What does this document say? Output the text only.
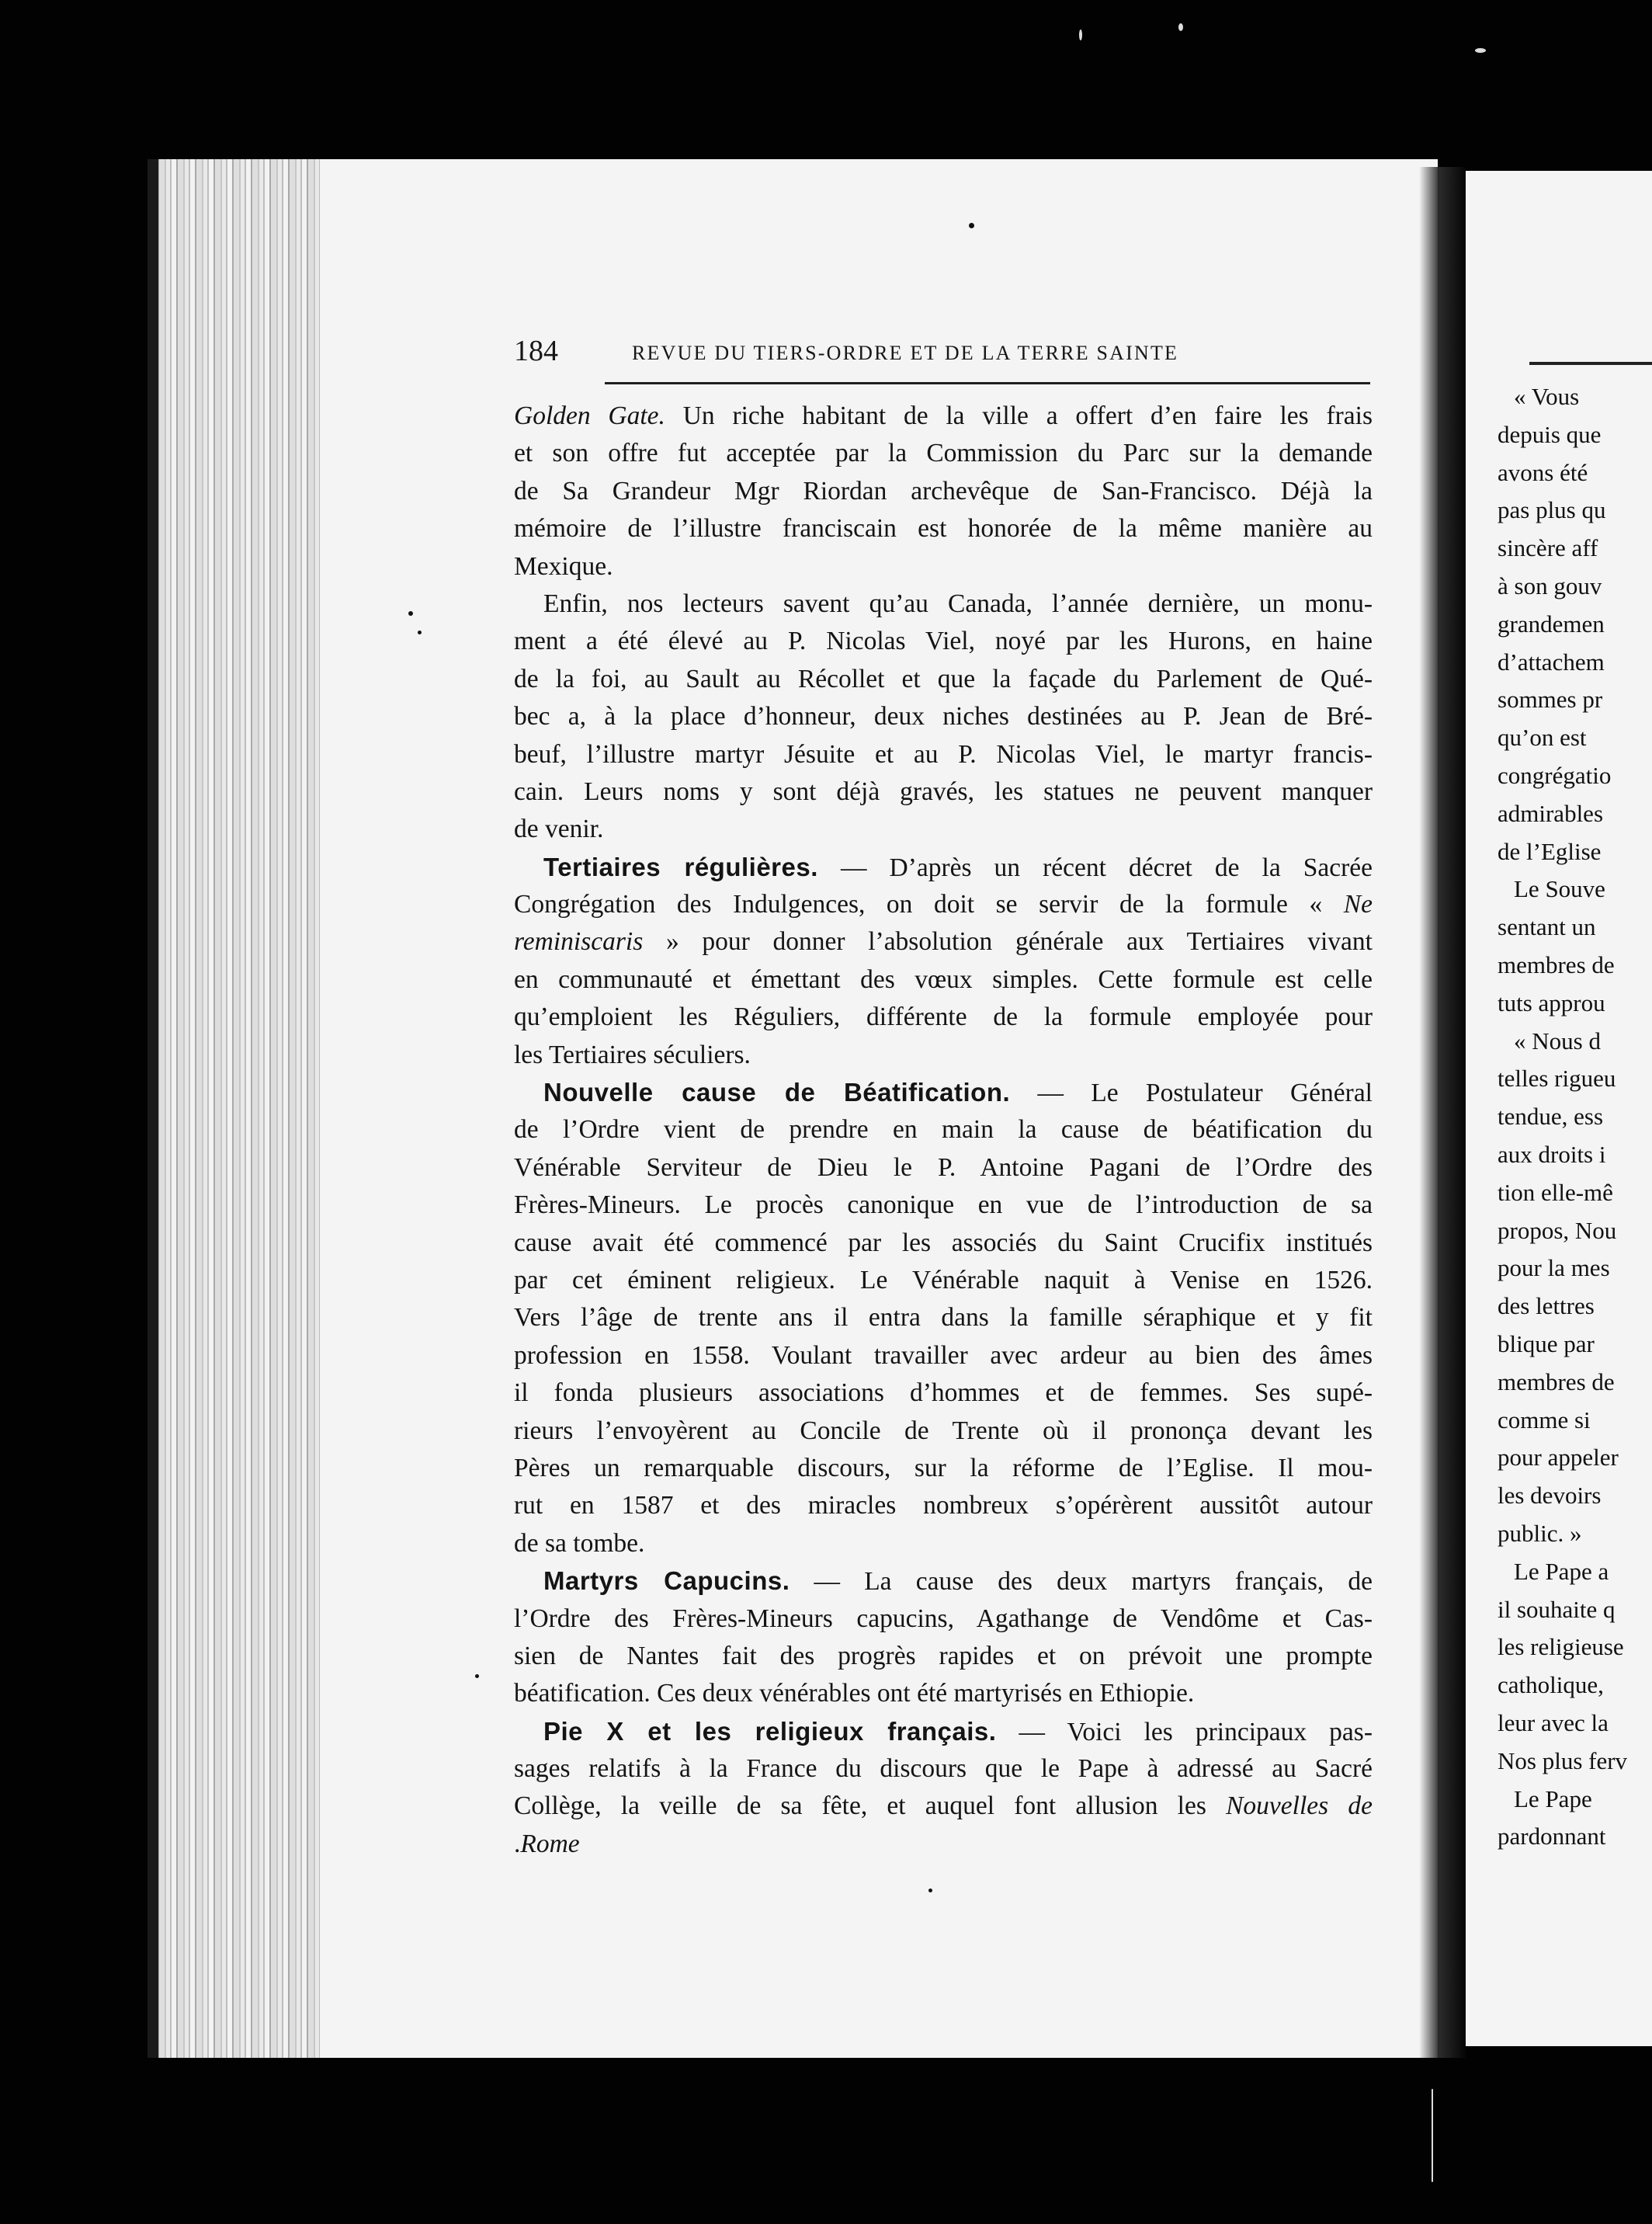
« Vous
depuis que
avons été
pas plus qu
sincère aff
à son gouv
grandemen
d’attachem
sommes pr
qu’on est
congrégatio
admirables
de l’Eglise
Le Souve
sentant un
membres de
tuts approu
« Nous d
telles rigueu
tendue, ess
aux droits i
tion elle-mê
propos, Nou
pour la mes
des lettres
blique par
membres de
comme si
pour appeler
les devoirs
public. »
Le Pape a
il souhaite q
les religieuse
catholique,
leur avec la
Nos plus ferv
Le Pape
pardonnant
184	REVUE DU TIERS-ORDRE ET DE LA TERRE SAINTE
Golden Gate. Un riche habitant de la ville a offert d’en faire les frais
et son offre fut acceptée par la Commission du Parc sur la demande
de Sa Grandeur Mgr Riordan archevêque de San-Francisco. Déjà la
mémoire de l’illustre franciscain est honorée de la même manière au
Mexique.
Enfin, nos lecteurs savent qu’au Canada, l’année dernière, un monu-
ment a été élevé au P. Nicolas Viel, noyé par les Hurons, en haine
de la foi, au Sault au Récollet et que la façade du Parlement de Qué-
bec a, à la place d’honneur, deux niches destinées au P. Jean de Bré-
beuf, l’illustre martyr Jésuite et au P. Nicolas Viel, le martyr francis-
cain. Leurs noms y sont déjà gravés, les statues ne peuvent manquer
de venir.
Tertiaires régulières. — D’après un récent décret de la Sacrée
Congrégation des Indulgences, on doit se servir de la formule « Ne
reminiscaris » pour donner l’absolution générale aux Tertiaires vivant
en communauté et émettant des vœux simples. Cette formule est celle
qu’emploient les Réguliers, différente de la formule employée pour
les Tertiaires séculiers.
Nouvelle cause de Béatification. — Le Postulateur Général
de l’Ordre vient de prendre en main la cause de béatification du
Vénérable Serviteur de Dieu le P. Antoine Pagani de l’Ordre des
Frères-Mineurs. Le procès canonique en vue de l’introduction de sa
cause avait été commencé par les associés du Saint Crucifix institués
par cet éminent religieux. Le Vénérable naquit à Venise en 1526.
Vers l’âge de trente ans il entra dans la famille séraphique et y fit
profession en 1558. Voulant travailler avec ardeur au bien des âmes
il fonda plusieurs associations d’hommes et de femmes. Ses supé-
rieurs l’envoyèrent au Concile de Trente où il prononça devant les
Pères un remarquable discours, sur la réforme de l’Eglise. Il mou-
rut en 1587 et des miracles nombreux s’opérèrent aussitôt autour
de sa tombe.
Martyrs Capucins. — La cause des deux martyrs français, de
l’Ordre des Frères-Mineurs capucins, Agathange de Vendôme et Cas-
sien de Nantes fait des progrès rapides et on prévoit une prompte
béatification. Ces deux vénérables ont été martyrisés en Ethiopie.
Pie X et les religieux français. — Voici les principaux pas-
sages relatifs à la France du discours que le Pape à adressé au Sacré
Collège, la veille de sa fête, et auquel font allusion les Nouvelles de
.Rome
